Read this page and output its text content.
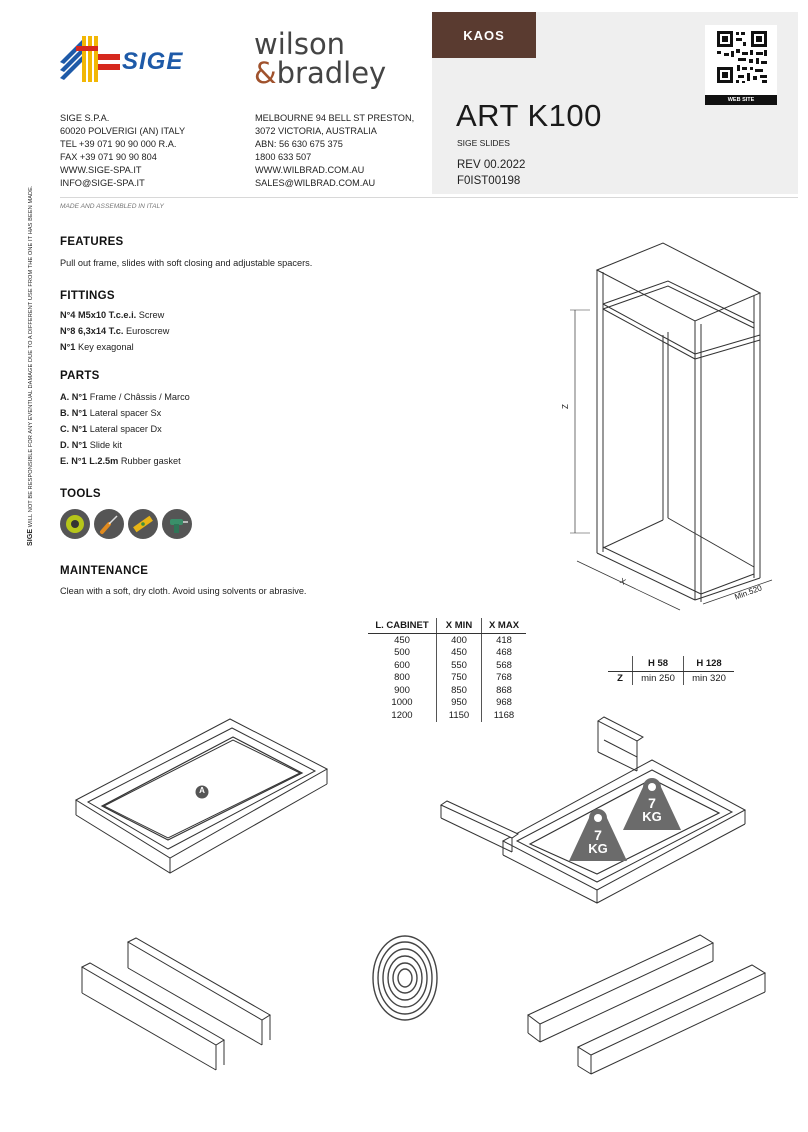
SIGE
wilson
&bradley
SIGE S.P.A.
60020 POLVERIGI (AN) ITALY
TEL +39 071 90 90 000 R.A.
FAX +39 071 90 90 804
WWW.SIGE-SPA.IT
INFO@SIGE-SPA.IT
MELBOURNE 94 BELL ST PRESTON,
3072 VICTORIA, AUSTRALIA
ABN: 56 630 675 375
1800 633 507
WWW.WILBRAD.COM.AU
SALES@WILBRAD.COM.AU
KAOS
ART K100
SIGE SLIDES
REV 00.2022
F0IST00198
WEB SITE
MADE AND ASSEMBLED IN ITALY
SIGE WILL NOT BE RESPONSIBLE FOR ANY EVENTUAL DAMAGE DUE TO A DIFFERENT USE FROM THE ONE IT HAS BEEN MADE. FEATURES
Pull out frame, slides with soft closing and adjustable spacers.
FITTINGS
N°4 M5x10 T.c.e.i. Screw
N°8 6,3x14 T.c. Euroscrew
N°1 Key exagonal
PARTS
A. N°1 Frame / Châssis / Marco
B. N°1 Lateral spacer Sx
C. N°1 Lateral spacer Dx
D. N°1 Slide kit
E. N°1 L.2.5m Rubber gasket
TOOLS
MAINTENANCE
Clean with a soft, dry cloth. Avoid using solvents or abrasive.
Z
X
Min.520
L. CABINET	X MIN	X MAX
450	400	418
500	450	468
600	550	568
800	750	768
900	850	868
1000	950	968
1200	1150	1168
	H 58	H 128
Z	min 250	min 320
A
7
KG
7
KG
